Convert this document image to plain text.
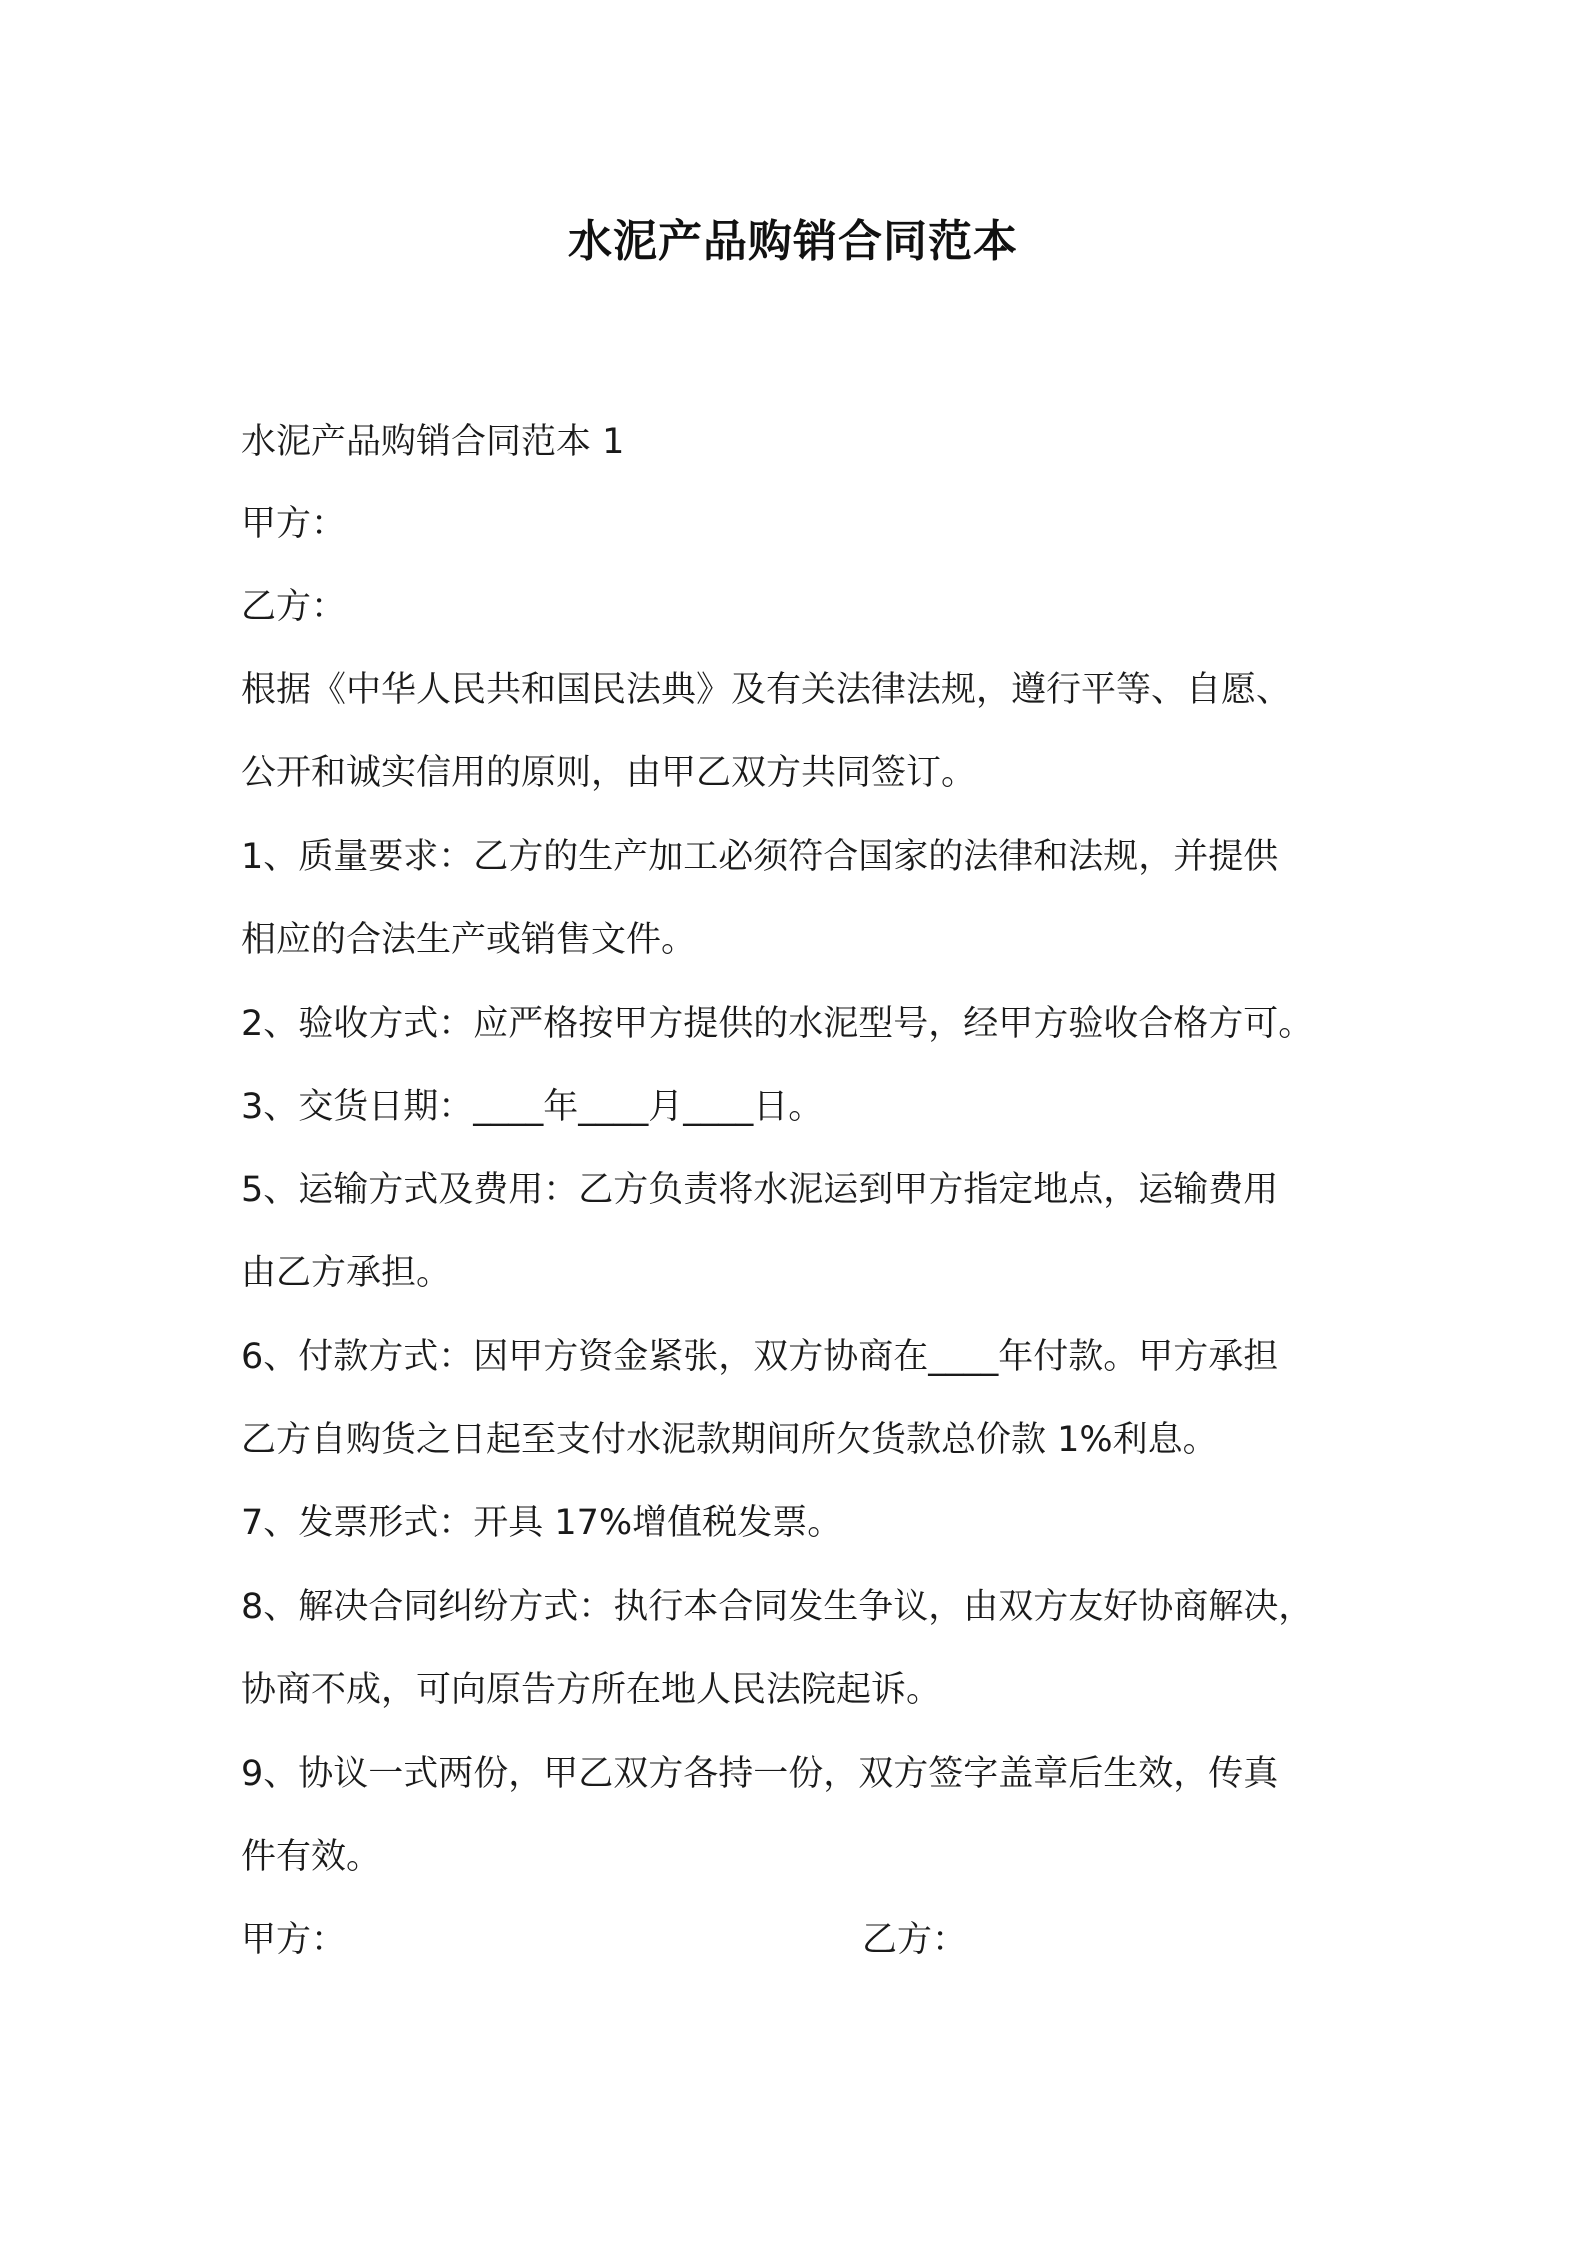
水泥产品购销合同范本
水泥产品购销合同范本 1
甲方：
乙方：
根据《中华人民共和国民法典》及有关法律法规，遵行平等、自愿、
公开和诚实信用的原则，由甲乙双方共同签订。
1、质量要求：乙方的生产加工必须符合国家的法律和法规，并提供
相应的合法生产或销售文件。
2、验收方式：应严格按甲方提供的水泥型号，经甲方验收合格方可。
3、交货日期：____年____月____日。
5、运输方式及费用：乙方负责将水泥运到甲方指定地点，运输费用
由乙方承担。
6、付款方式：因甲方资金紧张，双方协商在____年付款。甲方承担
乙方自购货之日起至支付水泥款期间所欠货款总价款 1%利息。
7、发票形式：开具 17%增值税发票。
8、解决合同纠纷方式：执行本合同发生争议，由双方友好协商解决，
协商不成，可向原告方所在地人民法院起诉。
9、协议一式两份，甲乙双方各持一份，双方签字盖章后生效，传真
件有效。
甲方：	乙方：
